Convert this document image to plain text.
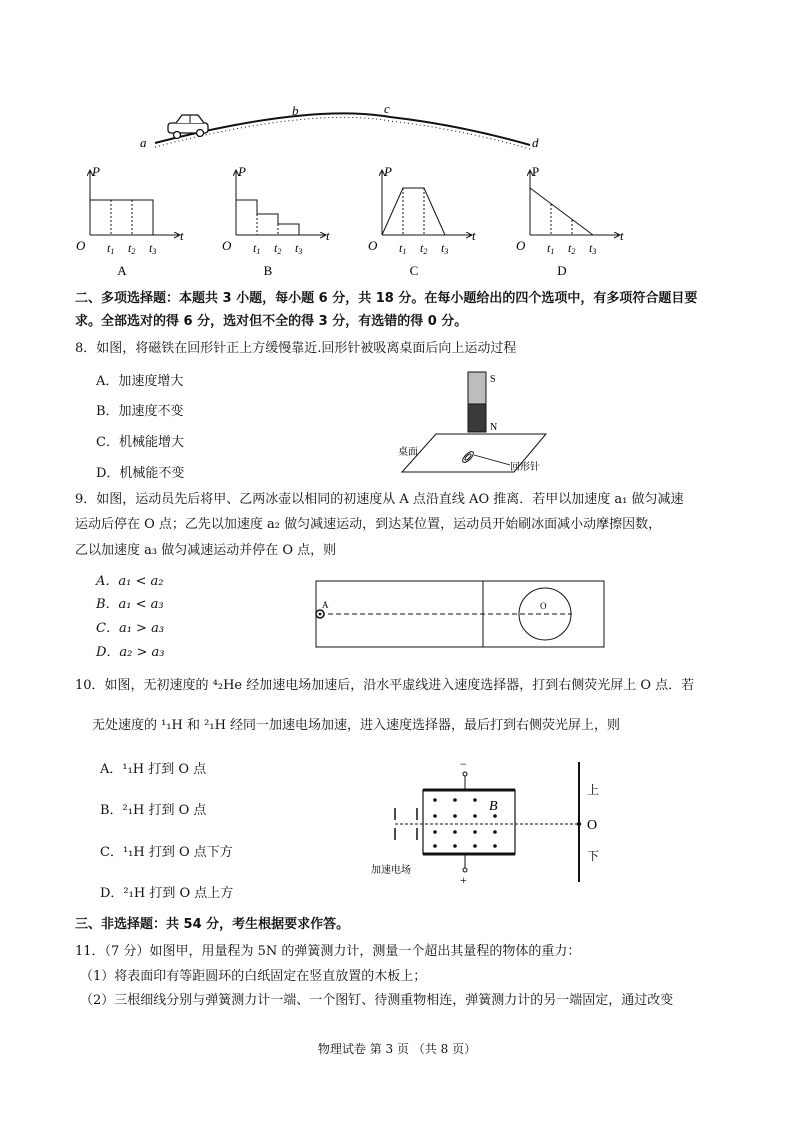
a
b	c
d
P
t
O t1 t2 t3
A
P
t
O t1 t2 t3
B
P
t
O t1 t2 t3
C
P
t
O t1 t2 t3
D
二、多项选择题：本题共 3 小题，每小题 6 分，共 18 分。在每小题给出的四个选项中，有多项符合题目要
求。全部选对的得 6 分，选对但不全的得 3 分，有选错的得 0 分。
8．如图，将磁铁在回形针正上方缓慢靠近.回形针被吸离桌面后向上运动过程
A．加速度增大
B．加速度不变
C．机械能增大
D．机械能不变
S
N
桌面
回形针
9．如图，运动员先后将甲、乙两冰壶以相同的初速度从 A 点沿直线 AO 推离．若甲以加速度 a₁ 做匀减速
运动后停在 O 点；乙先以加速度 a₂ 做匀减速运动，到达某位置，运动员开始刷冰面减小动摩擦因数，
乙以加速度 a₃ 做匀减速运动并停在 O 点，则
A．a₁ < a₂
B．a₁ < a₃
C．a₁ > a₃
D．a₂ > a₃
A	O
10．如图，无初速度的 ⁴₂He 经加速电场加速后，沿水平虚线进入速度选择器，打到右侧荧光屏上 O 点．若
无处速度的 ¹₁H 和 ²₁H 经同一加速电场加速，进入速度选择器，最后打到右侧荧光屏上，则
A．¹₁H 打到 O 点
B．²₁H 打到 O 点
C．¹₁H 打到 O 点下方
D．²₁H 打到 O 点上方
−
+
B
上
O
下
加速电场
三、非选择题：共 54 分，考生根据要求作答。
11．（7 分）如图甲，用量程为 5N 的弹簧测力计，测量一个超出其量程的物体的重力：
（1）将表面印有等距圆环的白纸固定在竖直放置的木板上；
（2）三根细线分别与弹簧测力计一端、一个图钉、待测重物相连，弹簧测力计的另一端固定，通过改变
物理试卷 第 3 页 （共 8 页）
